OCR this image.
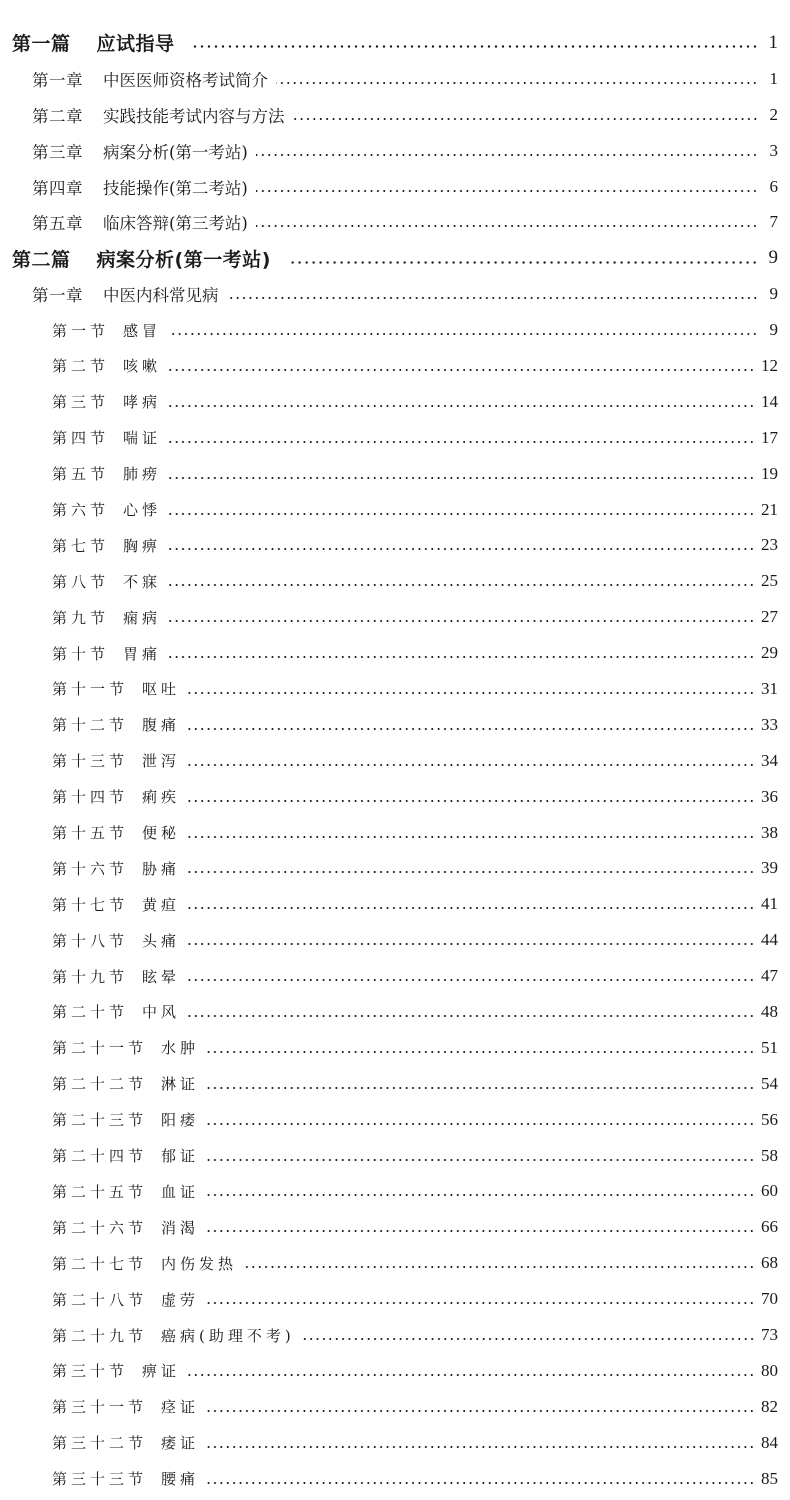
第一篇 应试指导	1
第一章 中医医师资格考试简介	1
第二章 实践技能考试内容与方法	2
第三章 病案分析(第一考站)	3
第四章 技能操作(第二考站)	6
第五章 临床答辩(第三考站)	7
第二篇 病案分析(第一考站)	9
第一章 中医内科常见病	9
第一节 感冒	9
第二节 咳嗽	12
第三节 哮病	14
第四节 喘证	17
第五节 肺痨	19
第六节 心悸	21
第七节 胸痹	23
第八节 不寐	25
第九节 痫病	27
第十节 胃痛	29
第十一节 呕吐	31
第十二节 腹痛	33
第十三节 泄泻	34
第十四节 痢疾	36
第十五节 便秘	38
第十六节 胁痛	39
第十七节 黄疸	41
第十八节 头痛	44
第十九节 眩晕	47
第二十节 中风	48
第二十一节 水肿	51
第二十二节 淋证	54
第二十三节 阳痿	56
第二十四节 郁证	58
第二十五节 血证	60
第二十六节 消渴	66
第二十七节 内伤发热	68
第二十八节 虚劳	70
第二十九节 癌病(助理不考)	73
第三十节 痹证	80
第三十一节 痉证	82
第三十二节 痿证	84
第三十三节 腰痛	85
